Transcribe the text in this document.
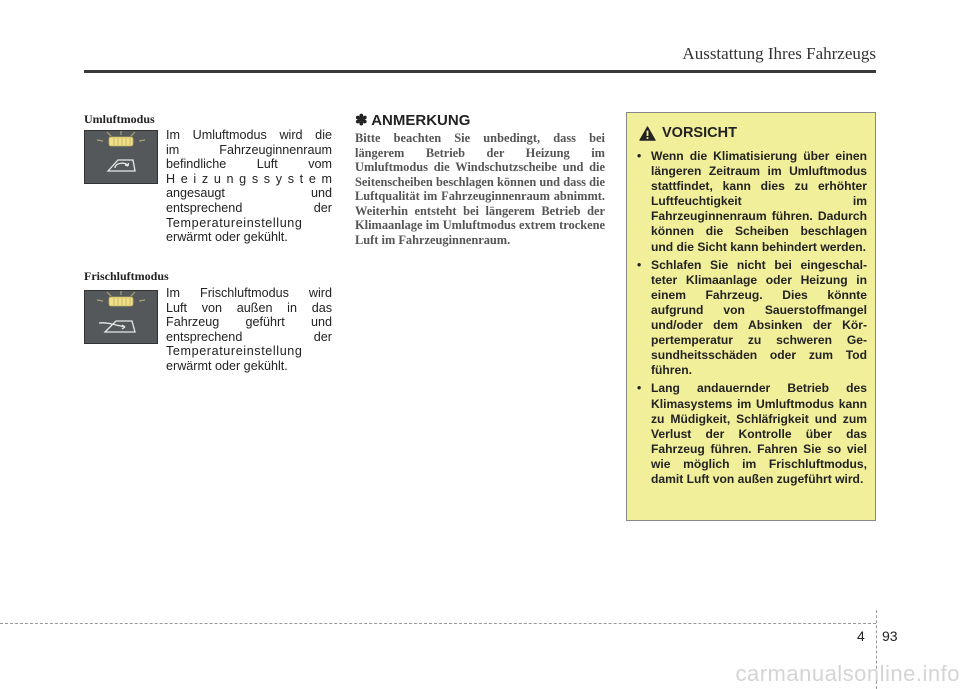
Ausstattung Ihres Fahrzeugs
Umluftmodus
Im Umluftmodus wird die
im Fahrzeuginnenraum
befindliche Luft vom
H e i z u n g s s y s t e m
angesaugt und
entsprechend der
Temperatureinstellung
erwärmt oder gekühlt.
Frischluftmodus
Im Frischluftmodus wird
Luft von außen in das
Fahrzeug geführt und
entsprechend der
Temperatureinstellung
erwärmt oder gekühlt.
✽ ANMERKUNG
Bitte beachten Sie unbedingt, dass bei längerem Betrieb der Heizung im Umluftmodus die Windschutzscheibe und die Seitenscheiben beschlagen können und dass die Luftqualität im Fahrzeuginnenraum abnimmt. Weiterhin entsteht bei längerem Betrieb der Klimaanlage im Umluftmodus extrem trockene Luft im Fahrzeuginnenraum.
VORSICHT
• Wenn die Klimatisierung über einen längeren Zeitraum im Umluftmodus stattfindet, kann dies zu erhöhter Luftfeuchtigkeit im Fahrzeuginnenraum führen. Dadurch können die Scheiben beschlagen und die Sicht kann behindert werden.
• Schlafen Sie nicht bei eingeschal-teter Klimaanlage oder Heizung in einem Fahrzeug. Dies könnte aufgrund von Sauerstoffmangel und/oder dem Absinken der Kör-pertemperatur zu schweren Ge-sundheitsschäden oder zum Tod führen.
• Lang andauernder Betrieb des Klimasystems im Umluftmodus kann zu Müdigkeit, Schläfrigkeit und zum Verlust der Kontrolle über das Fahrzeug führen. Fahren Sie so viel wie möglich im Frischluftmodus, damit Luft von außen zugeführt wird.
4 93
carmanualsonline.info
